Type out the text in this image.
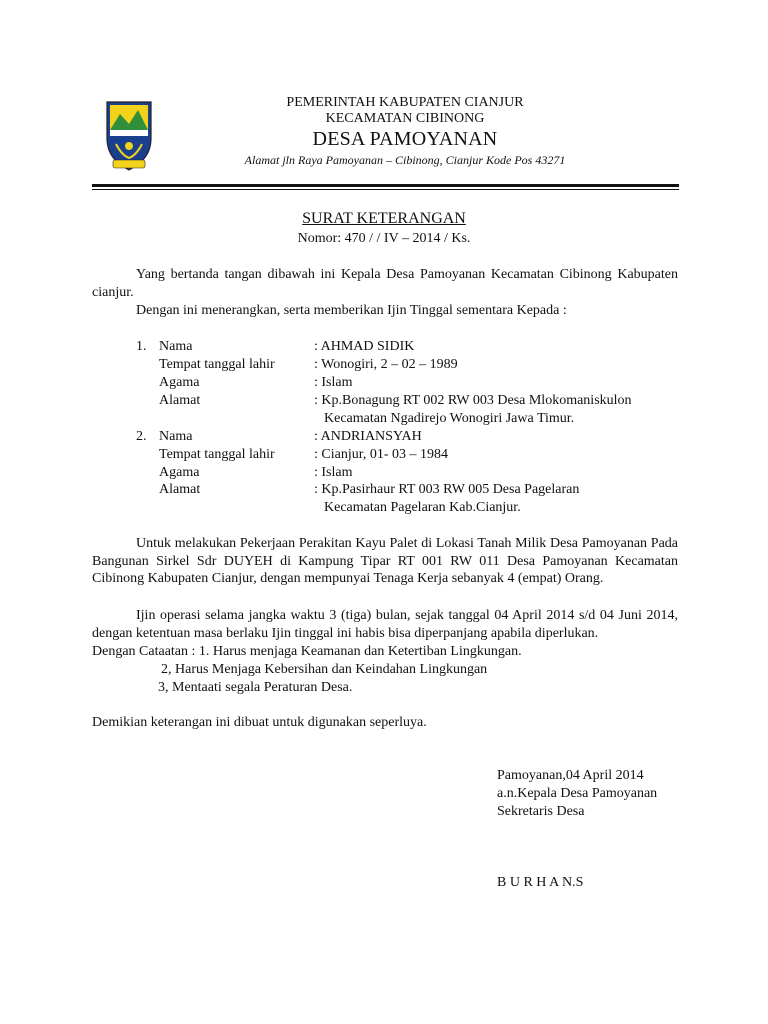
PEMERINTAH KABUPATEN CIANJUR
KECAMATAN CIBINONG
DESA PAMOYANAN
Alamat jln Raya Pamoyanan – Cibinong, Cianjur Kode Pos 43271
SURAT KETERANGAN
Nomor: 470 / / IV – 2014 / Ks.
Yang bertanda tangan dibawah ini Kepala Desa Pamoyanan Kecamatan Cibinong Kabupaten cianjur.
Dengan ini menerangkan, serta memberikan Ijin Tinggal sementara Kepada :
1. Nama	: AHMAD SIDIK
Tempat tanggal lahir	: Wonogiri, 2 – 02 – 1989
Agama	: Islam
Alamat	: Kp.Bonagung RT 002 RW 003 Desa Mlokomaniskulon
Kecamatan Ngadirejo Wonogiri Jawa Timur.
2. Nama	: ANDRIANSYAH
Tempat tanggal lahir	: Cianjur, 01- 03 – 1984
Agama	: Islam
Alamat	: Kp.Pasirhaur RT 003 RW 005 Desa Pagelaran
Kecamatan Pagelaran Kab.Cianjur.
Untuk melakukan Pekerjaan Perakitan Kayu Palet di Lokasi Tanah Milik Desa Pamoyanan Pada Bangunan Sirkel Sdr DUYEH di Kampung Tipar RT 001 RW 011 Desa Pamoyanan Kecamatan Cibinong Kabupaten Cianjur, dengan mempunyai Tenaga Kerja sebanyak 4 (empat) Orang.
Ijin operasi selama jangka waktu 3 (tiga) bulan, sejak tanggal 04 April 2014 s/d 04 Juni 2014, dengan ketentuan masa berlaku Ijin tinggal ini habis bisa diperpanjang apabila diperlukan.
Dengan Cataatan : 1. Harus menjaga Keamanan dan Ketertiban Lingkungan.
2, Harus Menjaga Kebersihan dan Keindahan Lingkungan
3, Mentaati segala Peraturan Desa.
Demikian keterangan ini dibuat untuk digunakan seperluya.
Pamoyanan,04 April 2014
a.n.Kepala Desa Pamoyanan
Sekretaris Desa
B U R H A N.S
